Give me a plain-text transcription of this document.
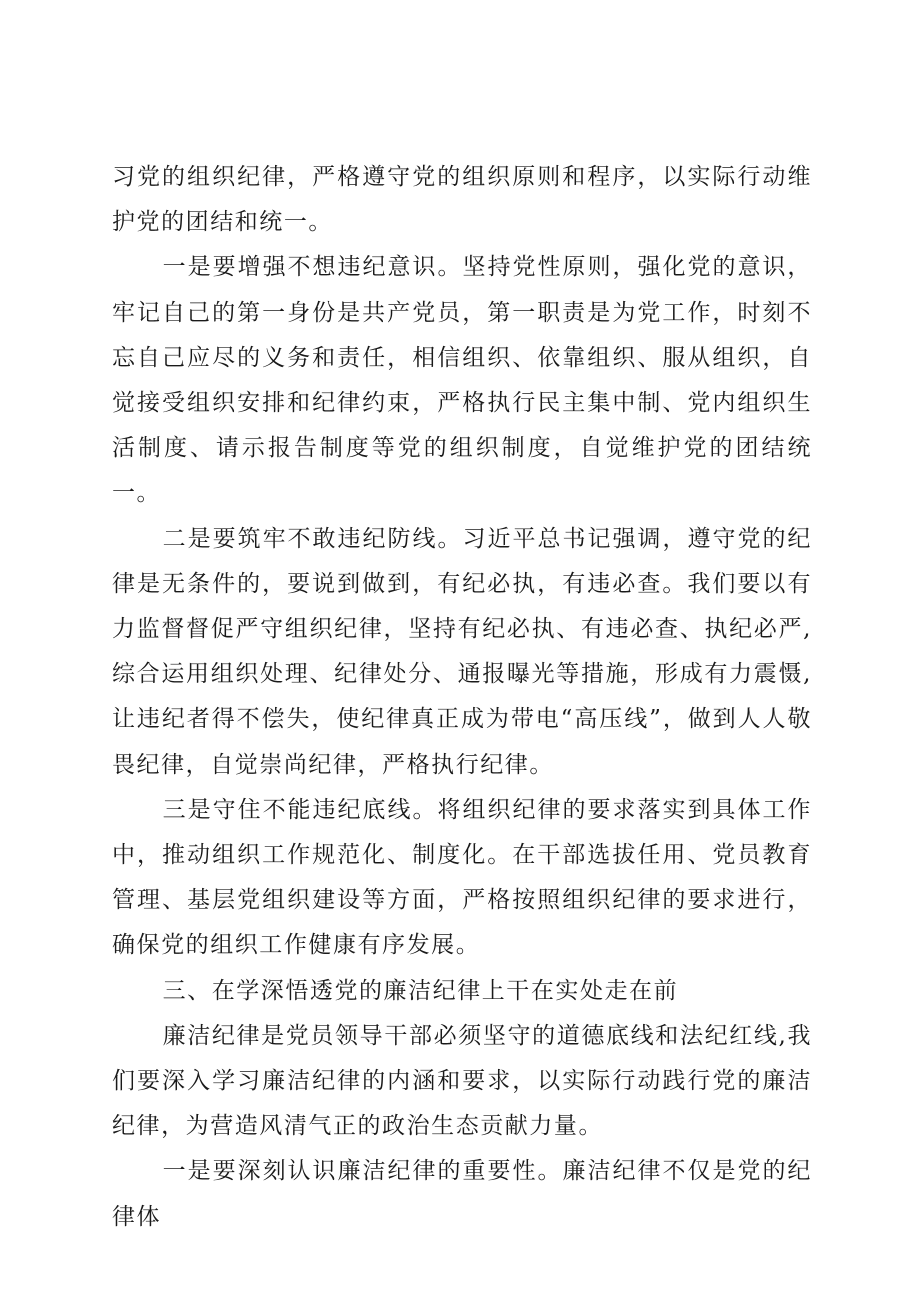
习党的组织纪律，严格遵守党的组织原则和程序，以实际行动维护党的团结和统一。

一是要增强不想违纪意识。坚持党性原则，强化党的意识，牢记自己的第一身份是共产党员，第一职责是为党工作，时刻不忘自己应尽的义务和责任，相信组织、依靠组织、服从组织，自觉接受组织安排和纪律约束，严格执行民主集中制、党内组织生活制度、请示报告制度等党的组织制度，自觉维护党的团结统一。

二是要筑牢不敢违纪防线。习近平总书记强调，遵守党的纪律是无条件的，要说到做到，有纪必执，有违必查。我们要以有力监督督促严守组织纪律，坚持有纪必执、有违必查、执纪必严,综合运用组织处理、纪律处分、通报曝光等措施，形成有力震慑,让违纪者得不偿失，使纪律真正成为带电“高压线”，做到人人敬畏纪律，自觉崇尚纪律，严格执行纪律。

三是守住不能违纪底线。将组织纪律的要求落实到具体工作中，推动组织工作规范化、制度化。在干部选拔任用、党员教育管理、基层党组织建设等方面，严格按照组织纪律的要求进行，确保党的组织工作健康有序发展。

三、在学深悟透党的廉洁纪律上干在实处走在前

廉洁纪律是党员领导干部必须坚守的道德底线和法纪红线,我们要深入学习廉洁纪律的内涵和要求，以实际行动践行党的廉洁纪律，为营造风清气正的政治生态贡献力量。

一是要深刻认识廉洁纪律的重要性。廉洁纪律不仅是党的纪律体
